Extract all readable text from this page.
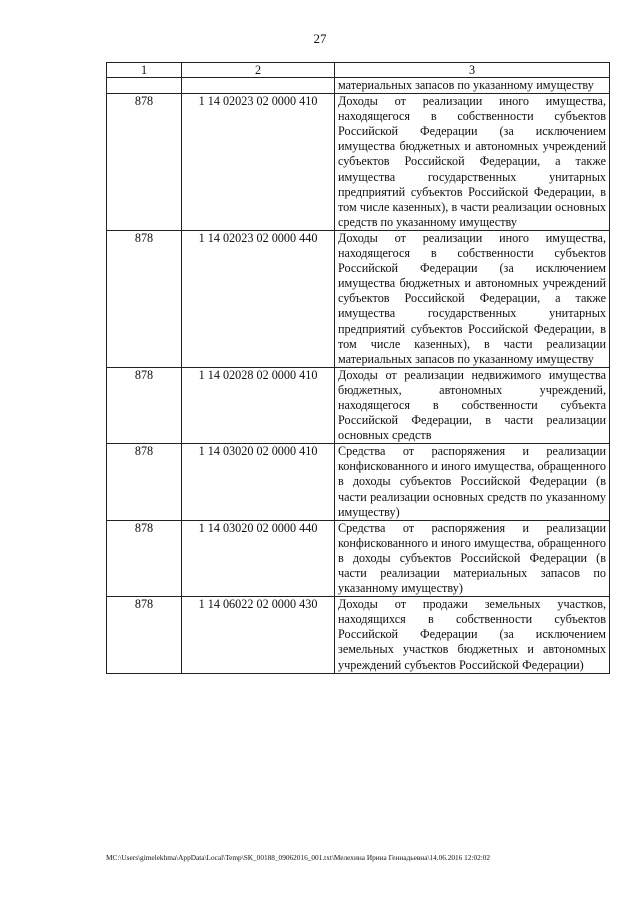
27
1	2	3
		материальных запасов по указанному имуществу
878	1 14 02023 02 0000 410	Доходы от реализации иного имущества, находящегося в собственности субъектов Российской Федерации (за исключением имущества бюджетных и автономных учреждений субъектов Российской Федерации, а также имущества государственных унитарных предприятий субъектов Российской Федерации, в том числе казенных), в части реализации основных средств по указанному имуществу
878	1 14 02023 02 0000 440	Доходы от реализации иного имущества, находящегося в собственности субъектов Российской Федерации (за исключением имущества бюджетных и автономных учреждений субъектов Российской Федерации, а также имущества государственных унитарных предприятий субъектов Российской Федерации, в том числе казенных), в части реализации материальных запасов по указанному имуществу
878	1 14 02028 02 0000 410	Доходы от реализации недвижимого имущества бюджетных, автономных учреждений, находящегося в собственности субъекта Российской Федерации, в части реализации основных средств
878	1 14 03020 02 0000 410	Средства от распоряжения и реализации конфискованного и иного имущества, обращенного в доходы субъектов Российской Федерации (в части реализации основных средств по указанному имуществу)
878	1 14 03020 02 0000 440	Средства от распоряжения и реализации конфискованного и иного имущества, обращенного в доходы субъектов Российской Федерации (в части реализации материальных запасов по указанному имуществу)
878	1 14 06022 02 0000 430	Доходы от продажи земельных участков, находящихся в собственности субъектов Российской Федерации (за исключением земельных участков бюджетных и автономных учреждений субъектов Российской Федерации)
MC:\Users\gimelekhma\AppData\Local\Temp\SK_00188_09062016_001.txt\Мелехина Ирина Геннадьевна\14.06.2016 12:02:02
